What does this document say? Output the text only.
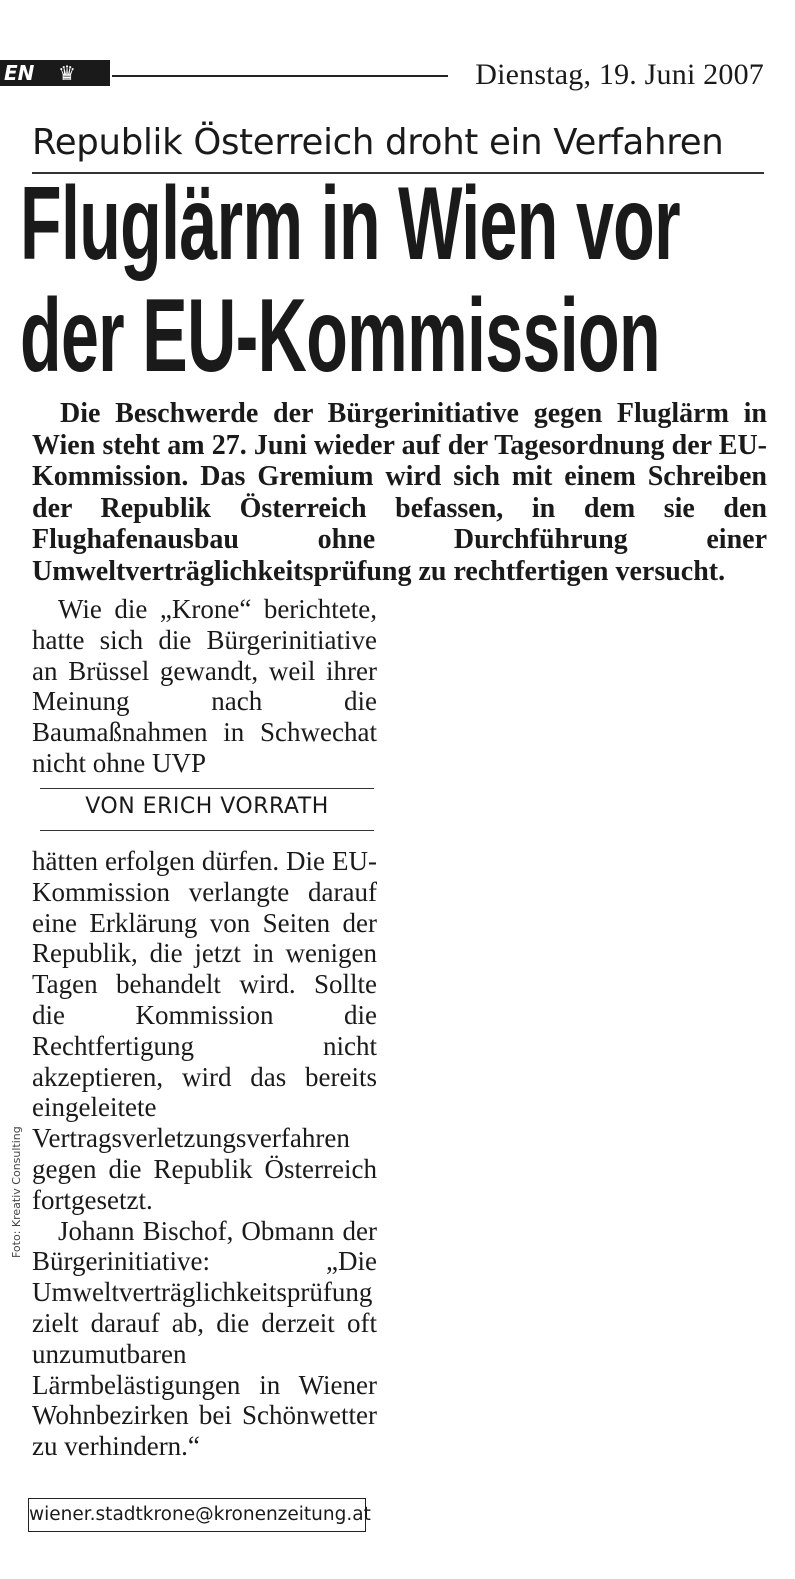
EN ♛	Dienstag, 19. Juni 2007
Republik Österreich droht ein Verfahren
Fluglärm in Wien vor
der EU-Kommission

Die Beschwerde der Bürgerinitiative gegen Fluglärm in Wien steht am 27. Juni wieder auf der Tagesordnung der EU-Kommission. Das Gremium wird sich mit einem Schreiben der Republik Österreich befassen, in dem sie den Flughafenausbau ohne Durchführung einer Umweltverträglichkeitsprüfung zu rechtfertigen versucht.

Wie die „Krone“ berichtete, hatte sich die Bürgerinitiative an Brüssel gewandt, weil ihrer Meinung nach die Baumaßnahmen in Schwechat nicht ohne UVP

VON ERICH VORRATH

hätten erfolgen dürfen. Die EU-Kommission verlangte darauf eine Erklärung von Seiten der Republik, die jetzt in wenigen Tagen behandelt wird. Sollte die Kommission die Rechtfertigung nicht akzeptieren, wird das bereits eingeleitete Vertragsverletzungsverfahren gegen die Republik Österreich fortgesetzt.

Johann Bischof, Obmann der Bürgerinitiative: „Die Umweltverträglichkeitsprüfung zielt darauf ab, die derzeit oft unzumutbaren Lärmbelästigungen in Wiener Wohnbezirken bei Schönwetter zu verhindern.“

Foto: Kreativ Consulting
wiener.stadtkrone@kronenzeitung.at
